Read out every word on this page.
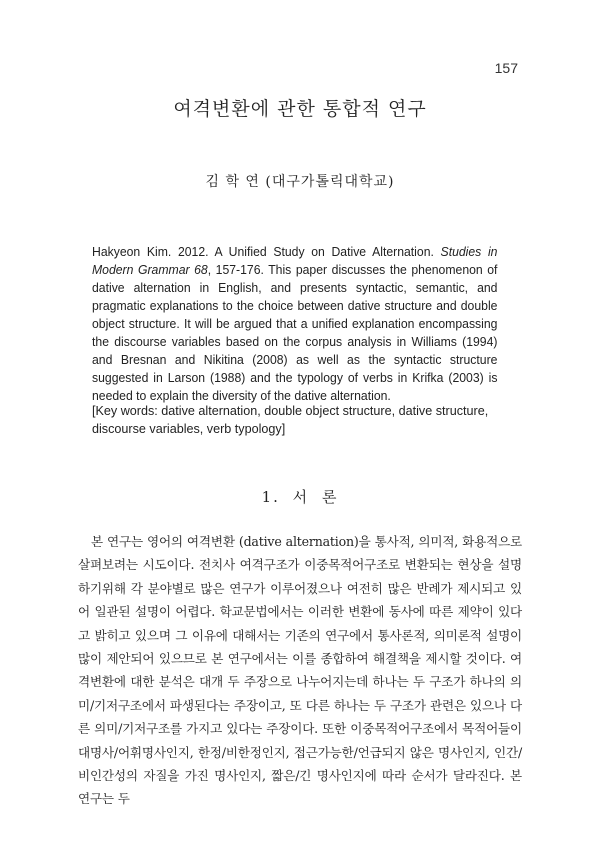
157
여격변환에 관한 통합적 연구
김 학 연 (대구가톨릭대학교)
Hakyeon Kim. 2012. A Unified Study on Dative Alternation. Studies in Modern Grammar 68, 157-176. This paper discusses the phenomenon of dative alternation in English, and presents syntactic, semantic, and pragmatic explanations to the choice between dative structure and double object structure. It will be argued that a unified explanation encompassing the discourse variables based on the corpus analysis in Williams (1994) and Bresnan and Nikitina (2008) as well as the syntactic structure suggested in Larson (1988) and the typology of verbs in Krifka (2003) is needed to explain the diversity of the dative alternation.
[Key words: dative alternation, double object structure, dative structure, discourse variables, verb typology]
1. 서 론
본 연구는 영어의 여격변환 (dative alternation)을 통사적, 의미적, 화용적으로 살펴보려는 시도이다. 전치사 여격구조가 이중목적어구조로 변환되는 현상을 설명하기위해 각 분야별로 많은 연구가 이루어졌으나 여전히 많은 반례가 제시되고 있어 일관된 설명이 어렵다. 학교문법에서는 이러한 변환에 동사에 따른 제약이 있다고 밝히고 있으며 그 이유에 대해서는 기존의 연구에서 통사론적, 의미론적 설명이 많이 제안되어 있으므로 본 연구에서는 이를 종합하여 해결책을 제시할 것이다. 여격변환에 대한 분석은 대개 두 주장으로 나누어지는데 하나는 두 구조가 하나의 의미/기저구조에서 파생된다는 주장이고, 또 다른 하나는 두 구조가 관련은 있으나 다른 의미/기저구조를 가지고 있다는 주장이다. 또한 이중목적어구조에서 목적어들이 대명사/어휘명사인지, 한정/비한정인지, 접근가능한/언급되지 않은 명사인지, 인간/비인간성의 자질을 가진 명사인지, 짧은/긴 명사인지에 따라 순서가 달라진다. 본 연구는 두
